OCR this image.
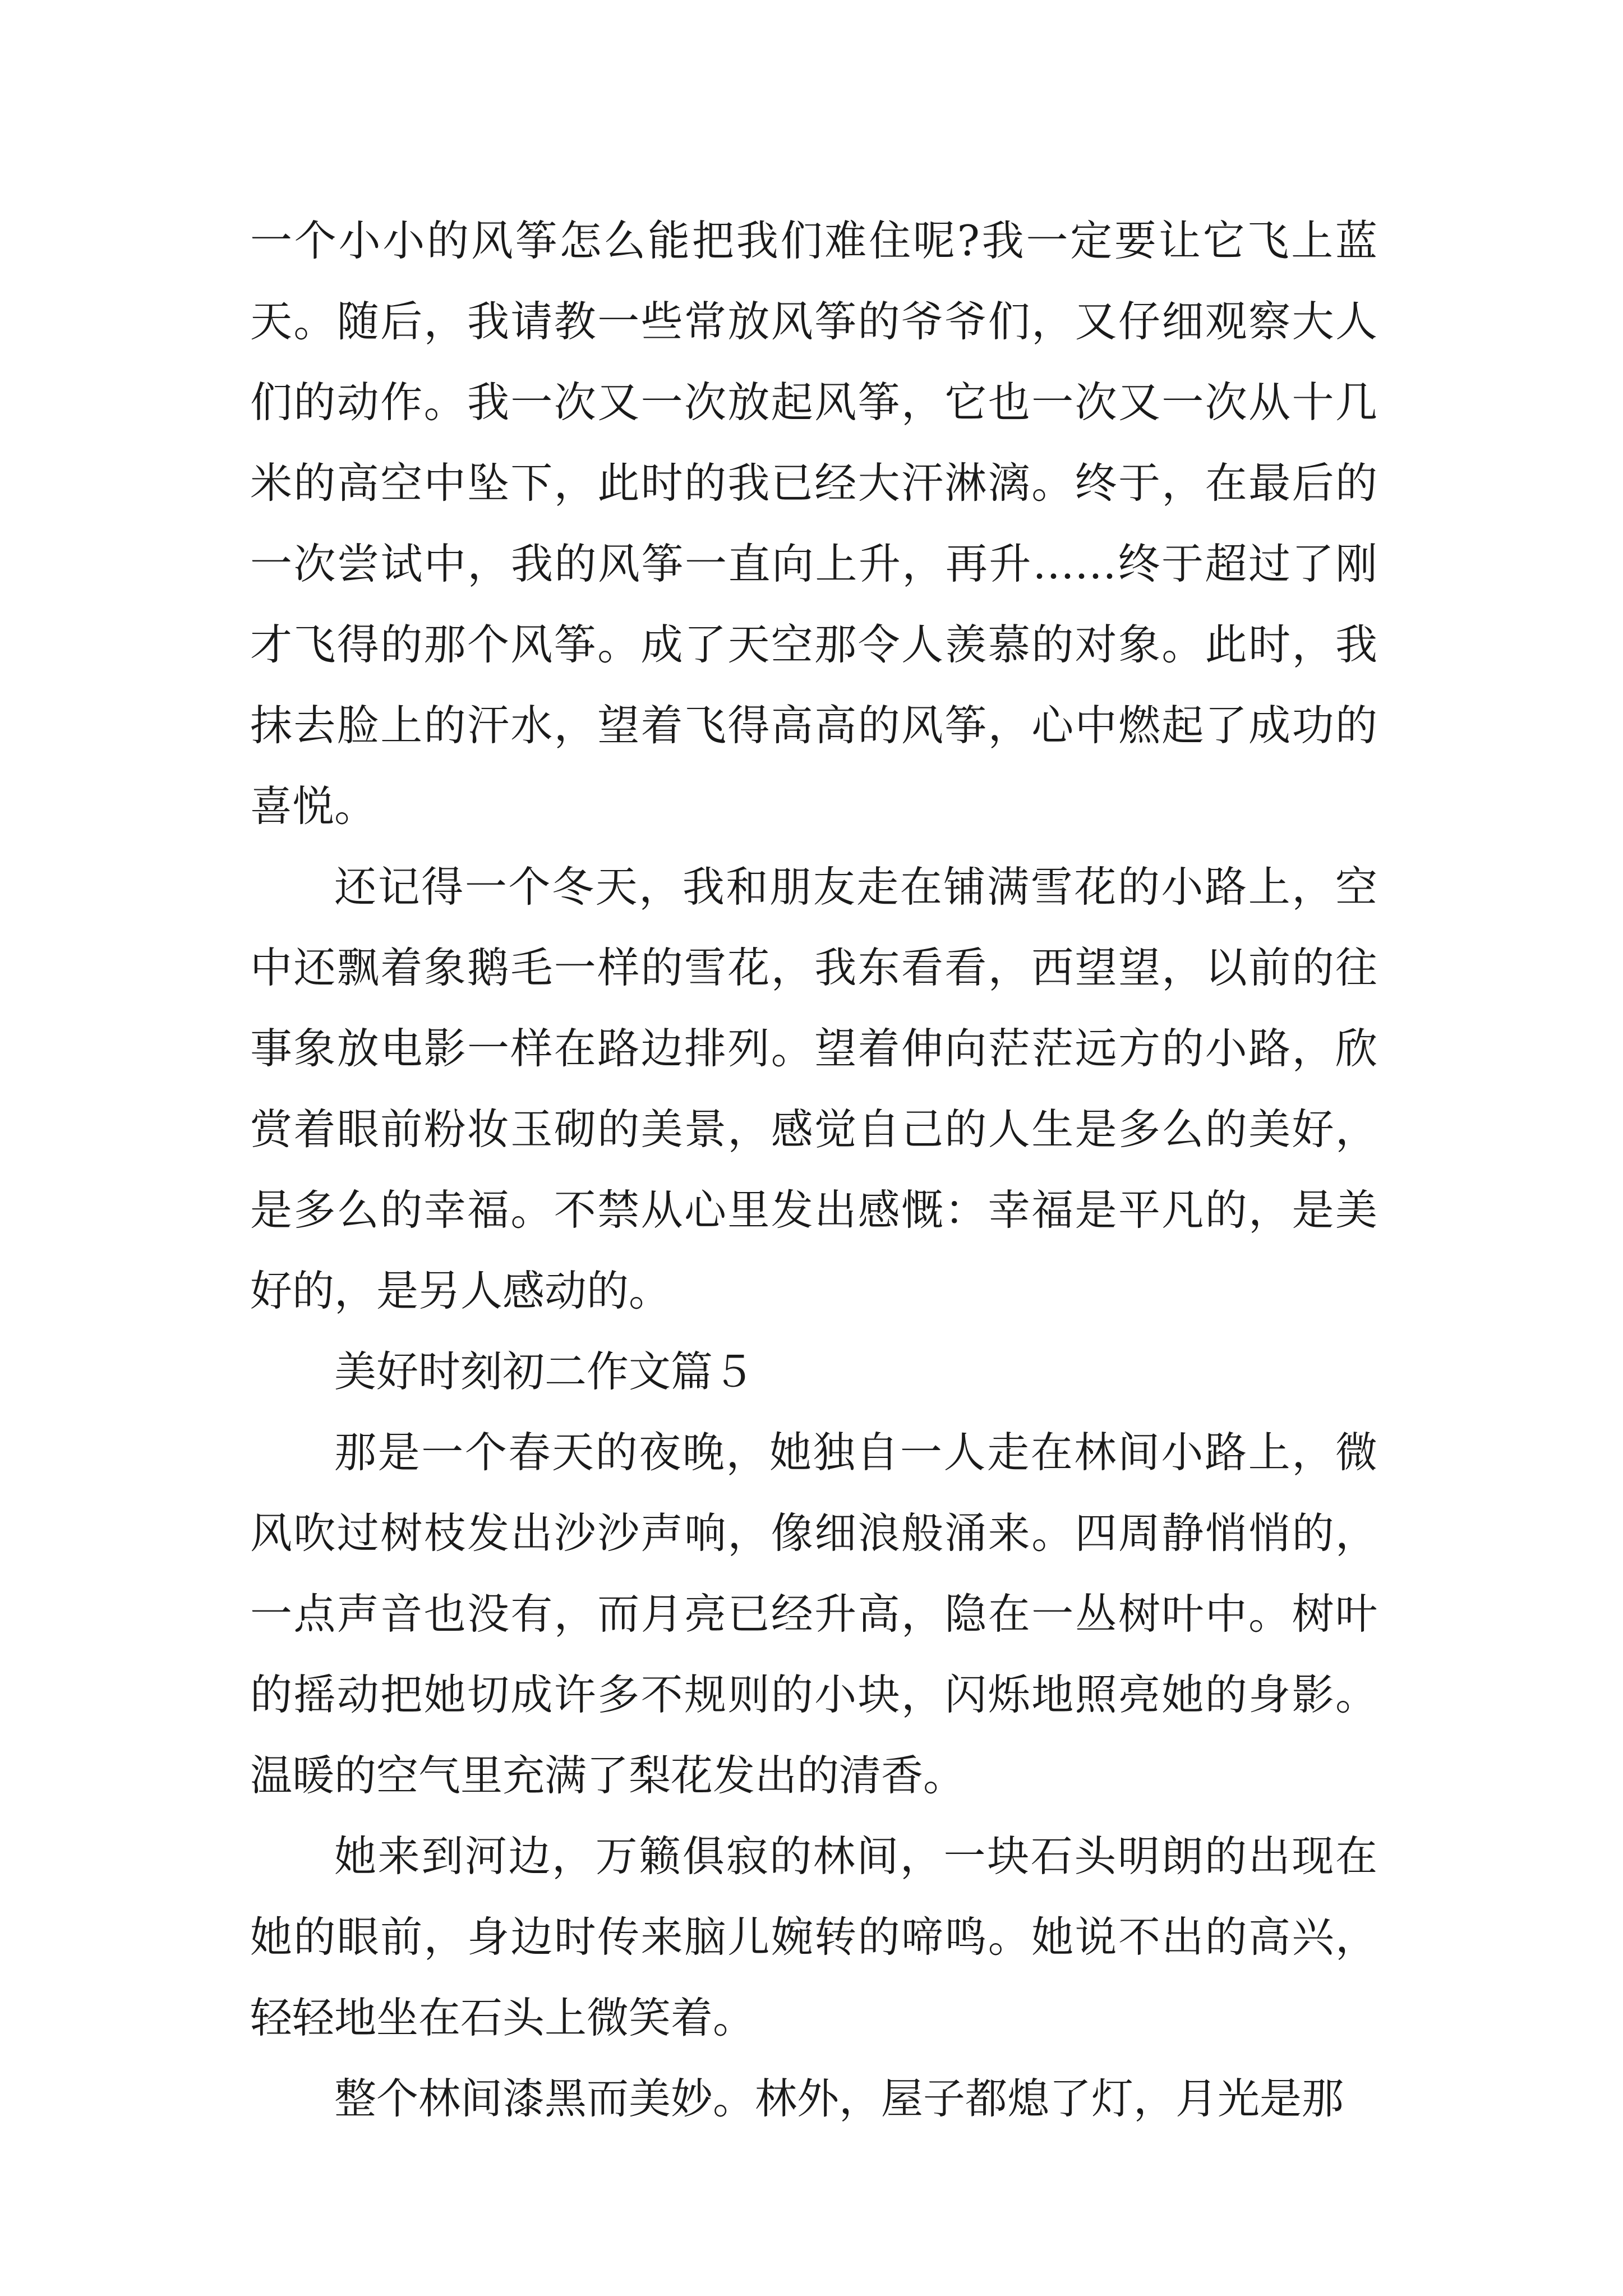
一个小小的风筝怎么能把我们难住呢?我一定要让它飞上蓝天。随后，我请教一些常放风筝的爷爷们，又仔细观察大人们的动作。我一次又一次放起风筝，它也一次又一次从十几米的高空中坠下，此时的我已经大汗淋漓。终于，在最后的一次尝试中，我的风筝一直向上升，再升……终于超过了刚才飞得的那个风筝。成了天空那令人羡慕的对象。此时，我抹去脸上的汗水，望着飞得高高的风筝，心中燃起了成功的喜悦。

还记得一个冬天，我和朋友走在铺满雪花的小路上，空中还飘着象鹅毛一样的雪花，我东看看，西望望，以前的往事象放电影一样在路边排列。望着伸向茫茫远方的小路，欣赏着眼前粉妆玉砌的美景，感觉自己的人生是多么的美好，是多么的幸福。不禁从心里发出感慨：幸福是平凡的，是美好的，是另人感动的。

美好时刻初二作文篇５

那是一个春天的夜晚，她独自一人走在林间小路上，微风吹过树枝发出沙沙声响，像细浪般涌来。四周静悄悄的，一点声音也没有，而月亮已经升高，隐在一丛树叶中。树叶的摇动把她切成许多不规则的小块，闪烁地照亮她的身影。温暖的空气里充满了梨花发出的清香。

她来到河边，万籁俱寂的林间，一块石头明朗的出现在她的眼前，身边时传来脑儿婉转的啼鸣。她说不出的高兴，轻轻地坐在石头上微笑着。

整个林间漆黑而美妙。林外，屋子都熄了灯，月光是那
